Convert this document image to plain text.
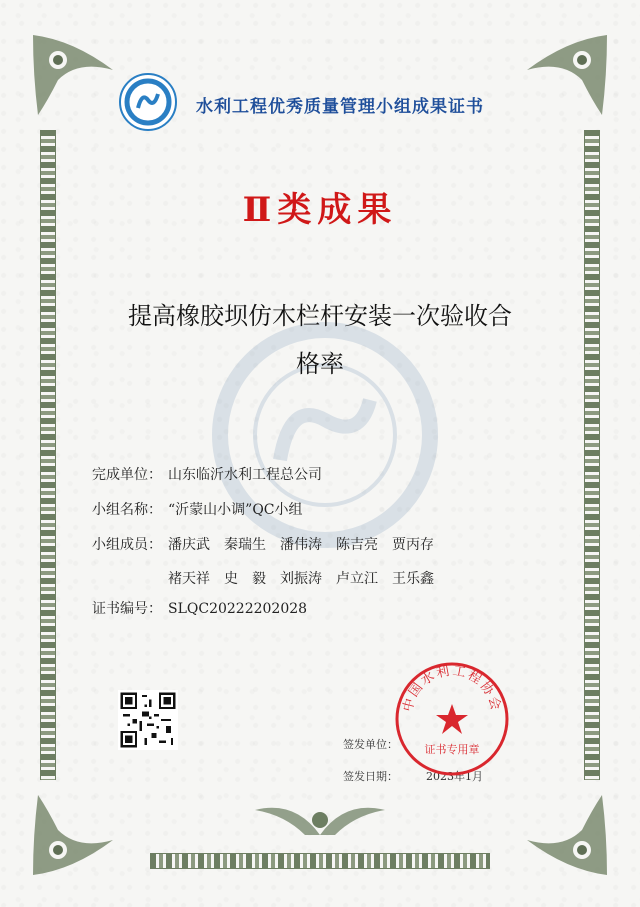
水利工程优秀质量管理小组成果证书
Ⅱ类成果
提高橡胶坝仿木栏杆安装一次验收合
格率
完成单位： 山东临沂水利工程总公司
小组名称： “沂蒙山小调”QC小组
小组成员： 潘庆武 秦瑞生 潘伟涛 陈吉亮 贾丙存
褚天祥 史　毅 刘振涛 卢立江 王乐鑫
证书编号： SLQC20222202028
签发单位：
签发日期：	2023年1月
中国水利工程协会
证书专用章
